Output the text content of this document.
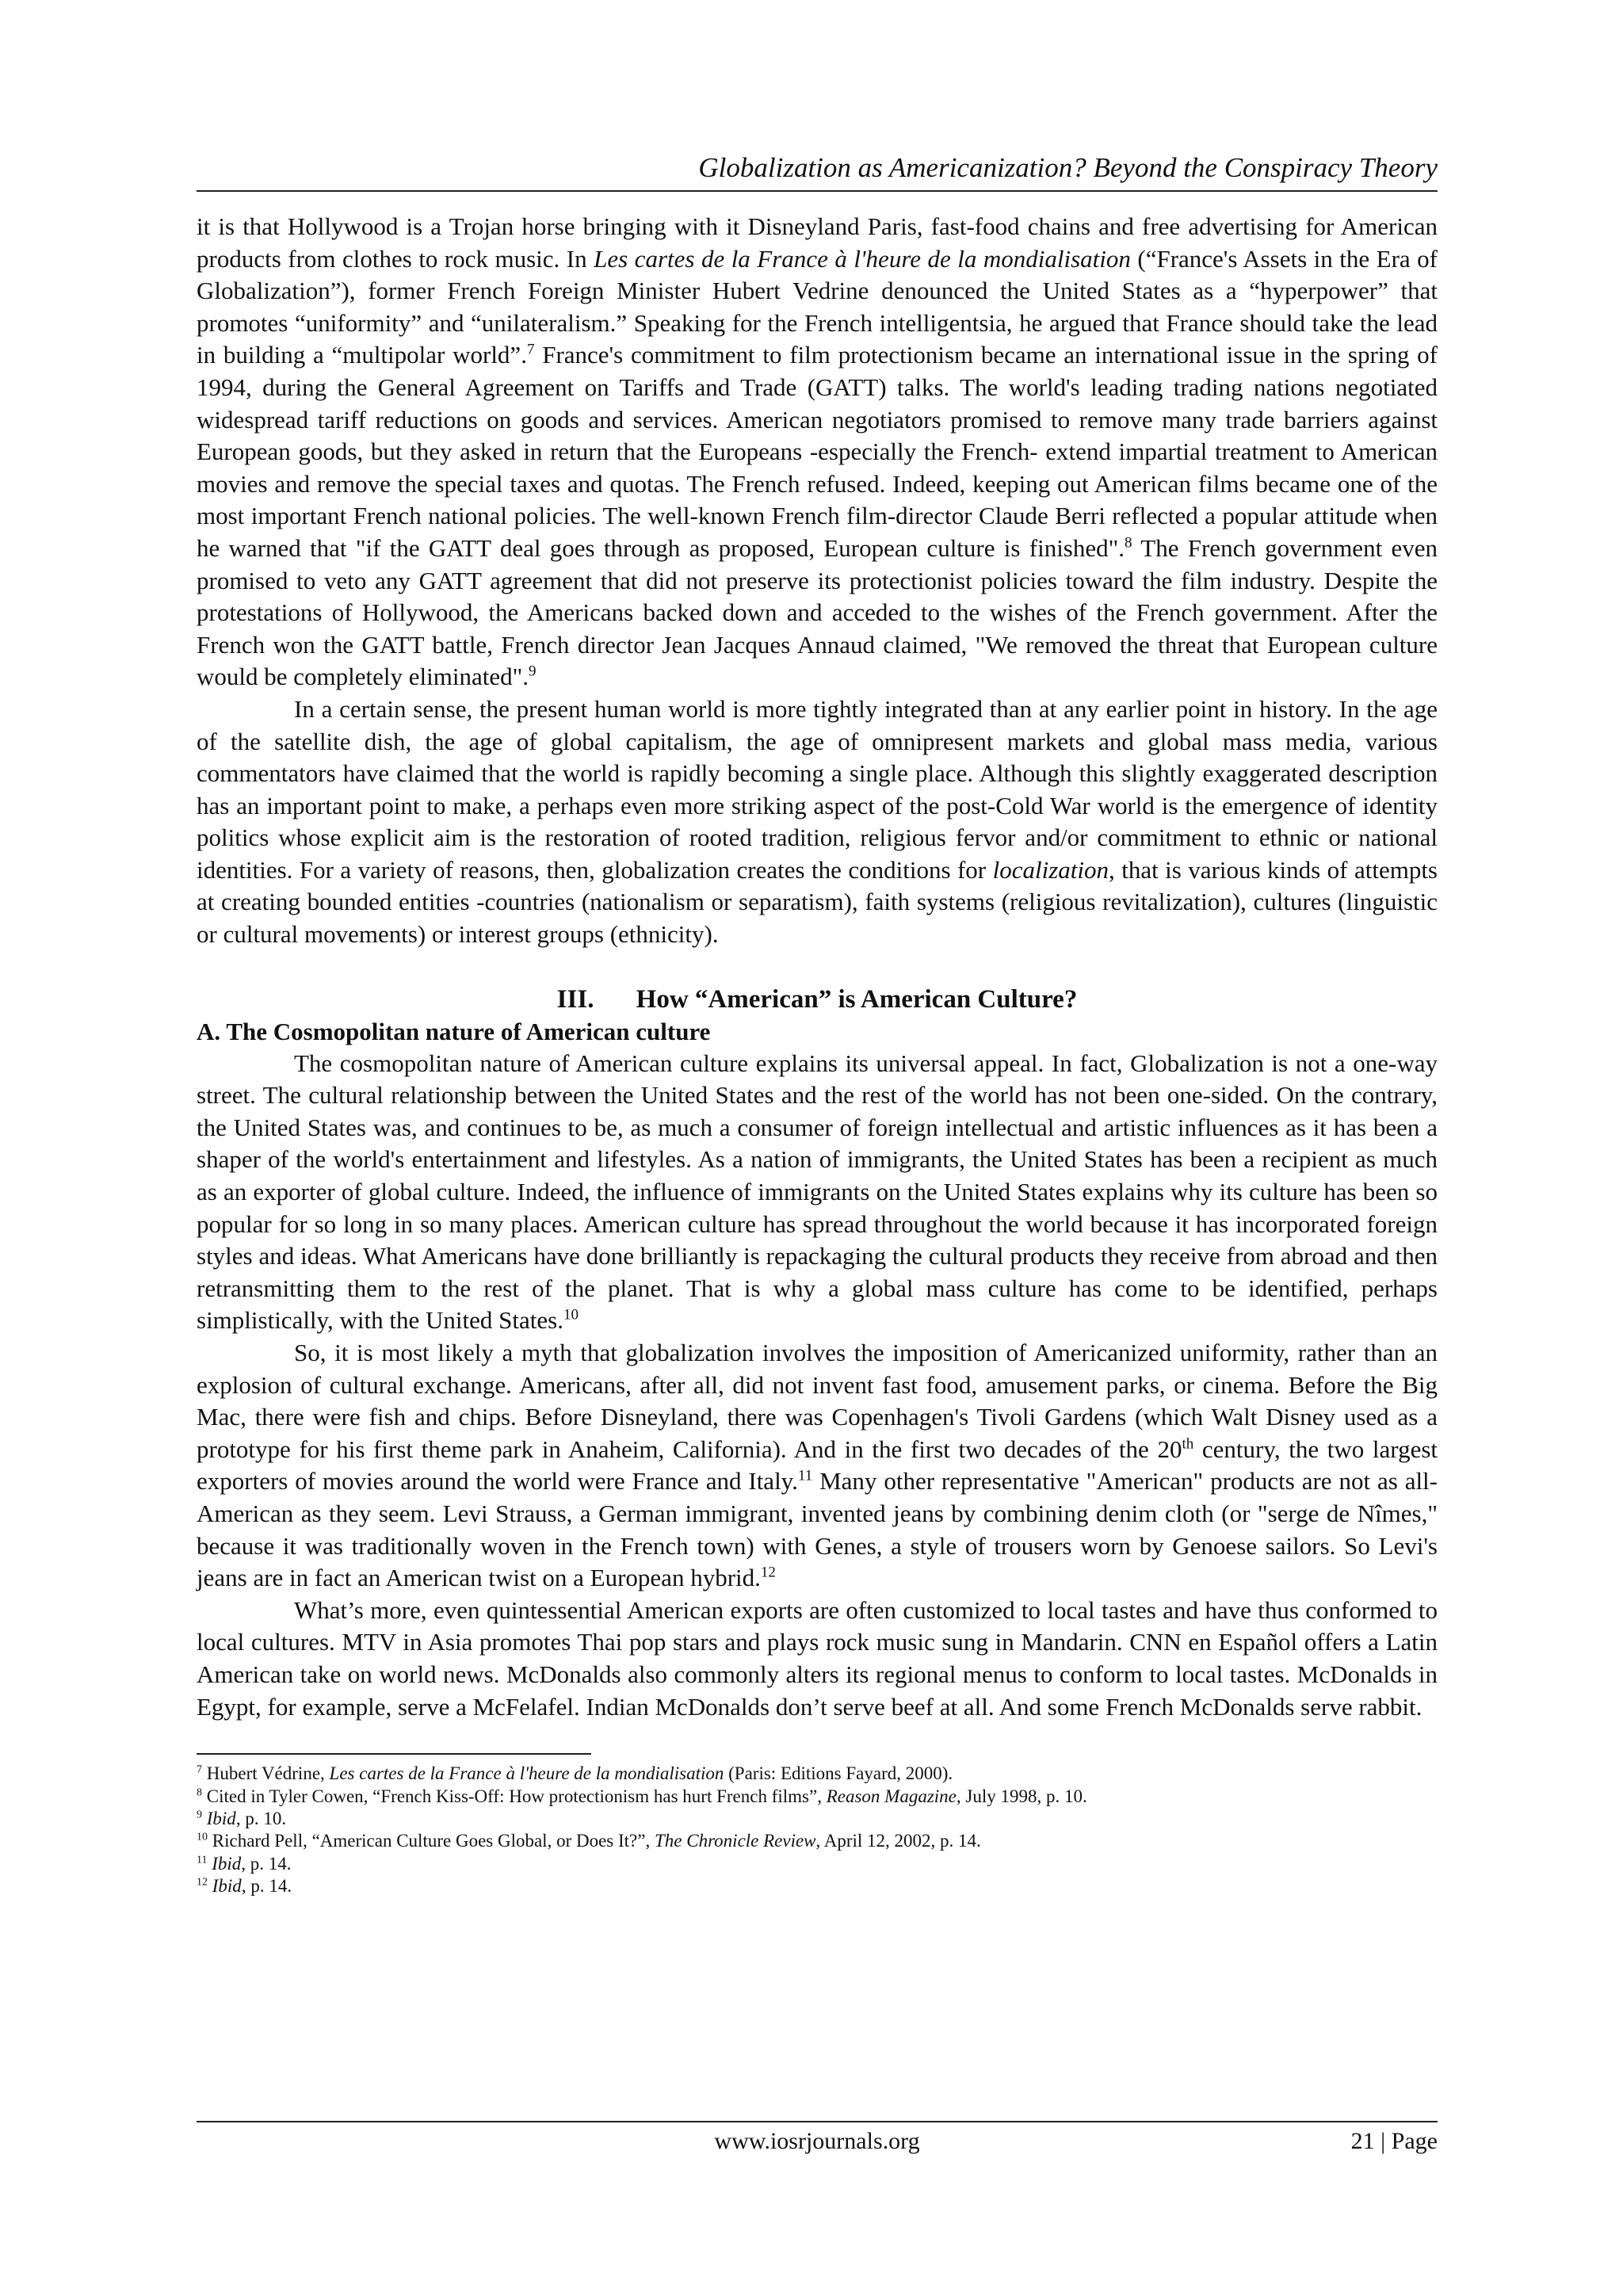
Globalization as Americanization? Beyond the Conspiracy Theory

it is that Hollywood is a Trojan horse bringing with it Disneyland Paris, fast-food chains and free advertising for American products from clothes to rock music. In Les cartes de la France à l'heure de la mondialisation (“France's Assets in the Era of Globalization”), former French Foreign Minister Hubert Vedrine denounced the United States as a “hyperpower” that promotes “uniformity” and “unilateralism.” Speaking for the French intelligentsia, he argued that France should take the lead in building a “multipolar world”.$^7$ France's commitment to film protectionism became an international issue in the spring of 1994, during the General Agreement on Tariffs and Trade (GATT) talks. The world's leading trading nations negotiated widespread tariff reductions on goods and services. American negotiators promised to remove many trade barriers against European goods, but they asked in return that the Europeans -especially the French- extend impartial treatment to American movies and remove the special taxes and quotas. The French refused. Indeed, keeping out American films became one of the most important French national policies. The well-known French film-director Claude Berri reflected a popular attitude when he warned that "if the GATT deal goes through as proposed, European culture is finished".$^8$ The French government even promised to veto any GATT agreement that did not preserve its protectionist policies toward the film industry. Despite the protestations of Hollywood, the Americans backed down and acceded to the wishes of the French government. After the French won the GATT battle, French director Jean Jacques Annaud claimed, "We removed the threat that European culture would be completely eliminated".$^9$

In a certain sense, the present human world is more tightly integrated than at any earlier point in history. In the age of the satellite dish, the age of global capitalism, the age of omnipresent markets and global mass media, various commentators have claimed that the world is rapidly becoming a single place. Although this slightly exaggerated description has an important point to make, a perhaps even more striking aspect of the post-Cold War world is the emergence of identity politics whose explicit aim is the restoration of rooted tradition, religious fervor and/or commitment to ethnic or national identities. For a variety of reasons, then, globalization creates the conditions for localization, that is various kinds of attempts at creating bounded entities -countries (nationalism or separatism), faith systems (religious revitalization), cultures (linguistic or cultural movements) or interest groups (ethnicity).

III. How “American” is American Culture?
A. The Cosmopolitan nature of American culture

The cosmopolitan nature of American culture explains its universal appeal. In fact, Globalization is not a one-way street. The cultural relationship between the United States and the rest of the world has not been one-sided. On the contrary, the United States was, and continues to be, as much a consumer of foreign intellectual and artistic influences as it has been a shaper of the world's entertainment and lifestyles. As a nation of immigrants, the United States has been a recipient as much as an exporter of global culture. Indeed, the influence of immigrants on the United States explains why its culture has been so popular for so long in so many places. American culture has spread throughout the world because it has incorporated foreign styles and ideas. What Americans have done brilliantly is repackaging the cultural products they receive from abroad and then retransmitting them to the rest of the planet. That is why a global mass culture has come to be identified, perhaps simplistically, with the United States.$^{10}$

So, it is most likely a myth that globalization involves the imposition of Americanized uniformity, rather than an explosion of cultural exchange. Americans, after all, did not invent fast food, amusement parks, or cinema. Before the Big Mac, there were fish and chips. Before Disneyland, there was Copenhagen's Tivoli Gardens (which Walt Disney used as a prototype for his first theme park in Anaheim, California). And in the first two decades of the 20th century, the two largest exporters of movies around the world were France and Italy.$^{11}$ Many other representative "American" products are not as all-American as they seem. Levi Strauss, a German immigrant, invented jeans by combining denim cloth (or "serge de Nîmes," because it was traditionally woven in the French town) with Genes, a style of trousers worn by Genoese sailors. So Levi's jeans are in fact an American twist on a European hybrid.$^{12}$

What’s more, even quintessential American exports are often customized to local tastes and have thus conformed to local cultures. MTV in Asia promotes Thai pop stars and plays rock music sung in Mandarin. CNN en Español offers a Latin American take on world news. McDonalds also commonly alters its regional menus to conform to local tastes. McDonalds in Egypt, for example, serve a McFelafel. Indian McDonalds don’t serve beef at all. And some French McDonalds serve rabbit.

$^7$ Hubert Védrine, Les cartes de la France à l'heure de la mondialisation (Paris: Editions Fayard, 2000).

$^8$ Cited in Tyler Cowen, “French Kiss-Off: How protectionism has hurt French films”, Reason Magazine, July 1998, p. 10.

$^9$ Ibid, p. 10.

$^{10}$ Richard Pell, “American Culture Goes Global, or Does It?”, The Chronicle Review, April 12, 2002, p. 14.

$^{11}$ Ibid, p. 14.

$^{12}$ Ibid, p. 14.

www.iosrjournals.org	21 | Page
